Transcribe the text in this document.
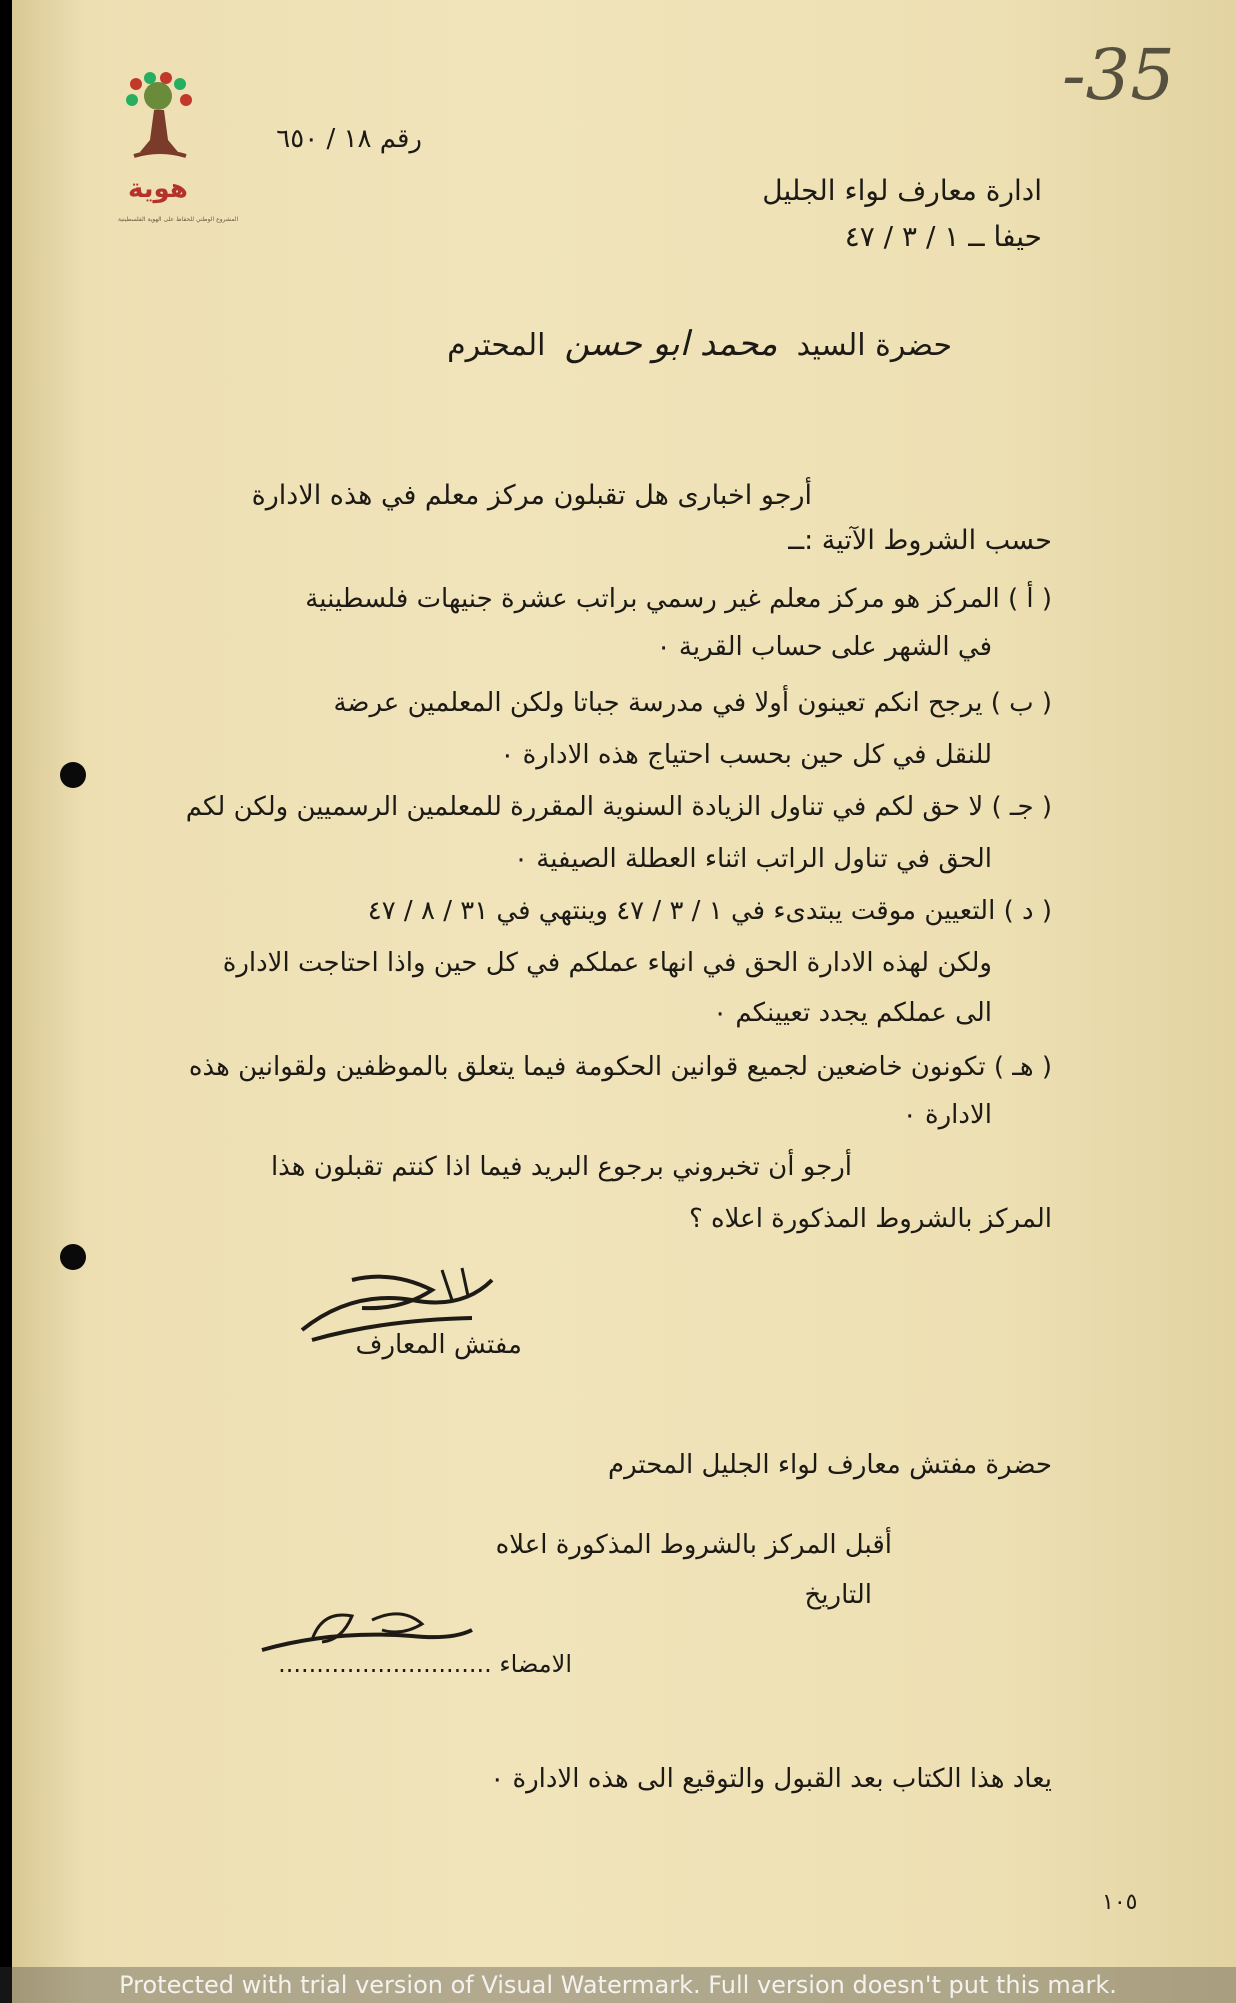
هوية
المشروع الوطني للحفاظ على الهوية الفلسطينية
-35
رقم ١٨ / ٦٥٠
ادارة معارف لواء الجليل
حيفا ــ ١ / ٣ / ٤٧
حضرة السيد  محمد ابو حسن  المحترم
أرجو اخبارى هل تقبلون مركز معلم في هذه الادارة
حسب الشروط الآتية :ــ
( أ ) المركز هو مركز معلم غير رسمي براتب عشرة جنيهات فلسطينية
في الشهر على حساب القرية ٠
( ب ) يرجح انكم تعينون أولا في مدرسة جباتا ولكن المعلمين عرضة
للنقل في كل حين بحسب احتياج هذه الادارة ٠
( جـ ) لا حق لكم في تناول الزيادة السنوية المقررة للمعلمين الرسميين ولكن لكم
الحق في تناول الراتب اثناء العطلة الصيفية ٠
( د ) التعيين موقت يبتدىء في ١ / ٣ / ٤٧ وينتهي في ٣١ / ٨ / ٤٧
ولكن لهذه الادارة الحق في انهاء عملكم في كل حين واذا احتاجت الادارة
الى عملكم يجدد تعيينكم ٠
( هـ ) تكونون خاضعين لجميع قوانين الحكومة فيما يتعلق بالموظفين ولقوانين هذه
الادارة ٠
أرجو أن تخبروني برجوع البريد فيما اذا كنتم تقبلون هذا
المركز بالشروط المذكورة اعلاه ؟
مفتش المعارف
حضرة مفتش معارف لواء الجليل المحترم
أقبل المركز بالشروط المذكورة اعلاه
التاريخ
الامضاء ............................
يعاد هذا الكتاب بعد القبول والتوقيع الى هذه الادارة ٠
١٠٥
Protected with trial version of Visual Watermark. Full version doesn't put this mark.
